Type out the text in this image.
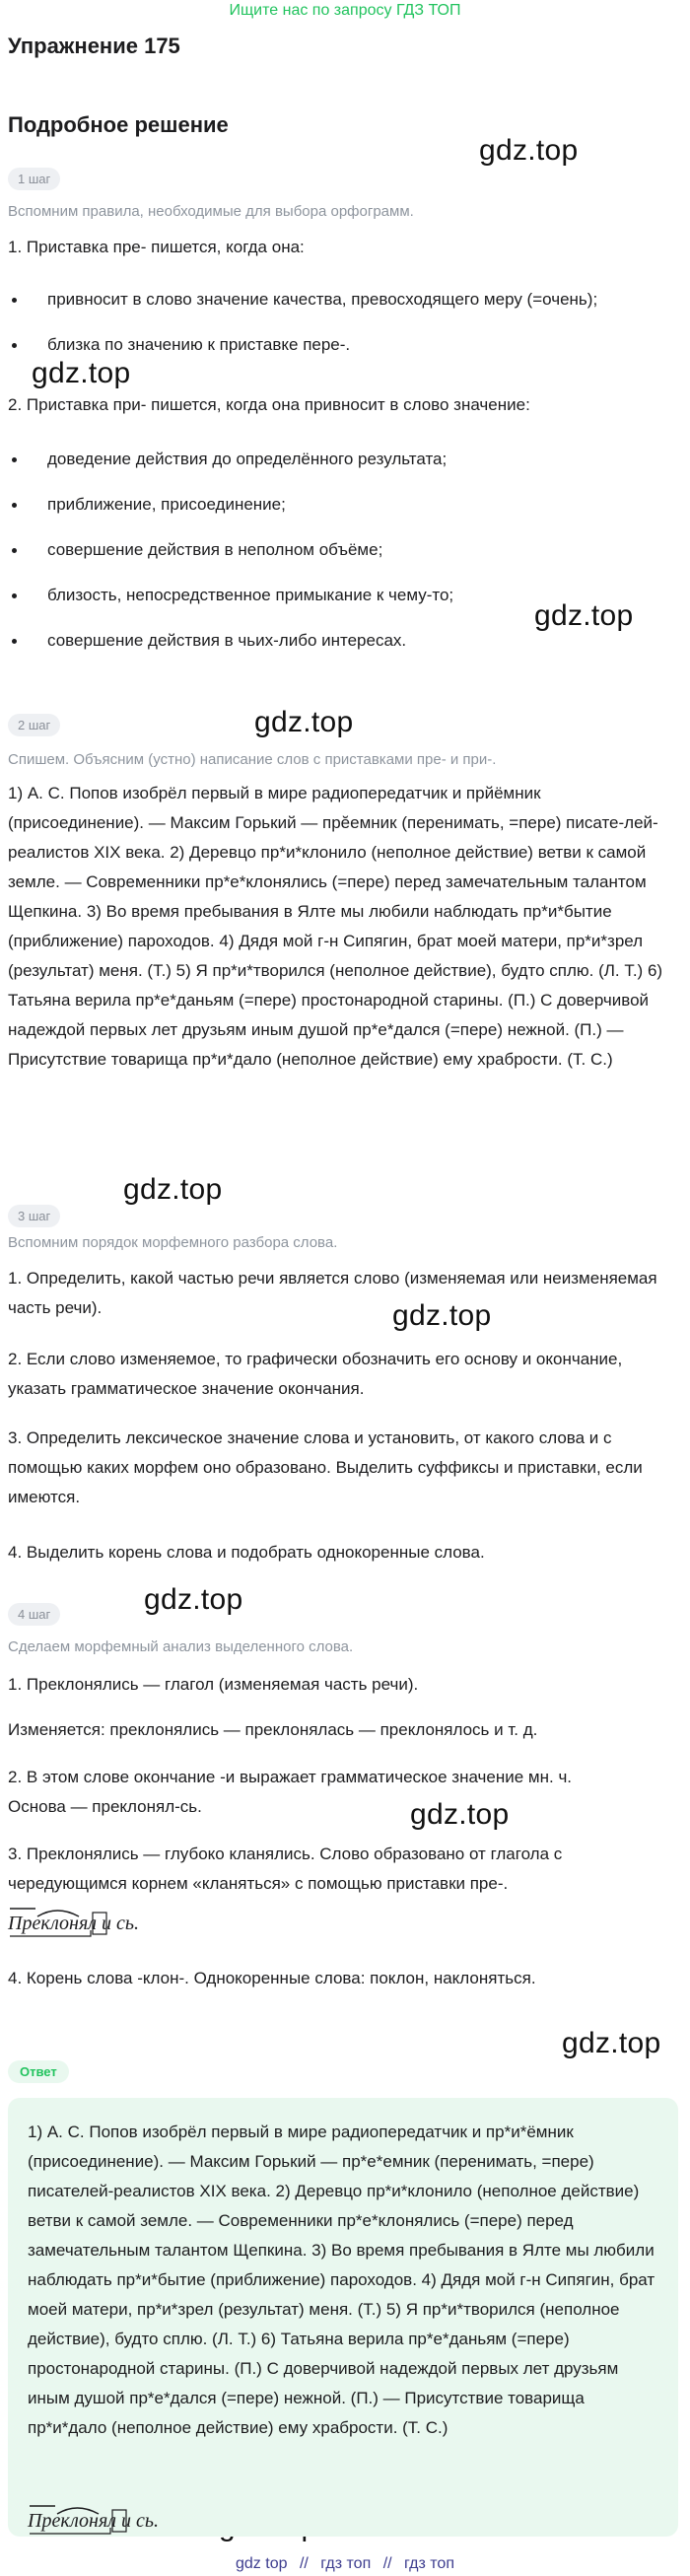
Ищите нас по запросу ГДЗ ТОП
Упражнение 175
Подробное решение
gdz.top
gdz.top
gdz.top
gdz.top
gdz.top
gdz.top
gdz.top
gdz.top
gdz.top
1 шаг
Вспомним правила, необходимые для выбора орфограмм.
1. Приставка пре- пишется, когда она:
привносит в слово значение качества, превосходящего меру (=очень);
близка по значению к приставке пере-.
2. Приставка при- пишется, когда она привносит в слово значение:
доведение действия до определённого результата;
приближение, присоединение;
совершение действия в неполном объёме;
близость, непосредственное примыкание к чему-то;
совершение действия в чьих-либо интересах.
2 шаг
Спишем. Объясним (устно) написание слов с приставками пре- и при-.
1) А. С. Попов изобрёл первый в мире радиопередатчик и прйёмник (присоединение). — Максим Горький — прӗемник (перенимать, =пере) писате-лей-реалистов XIX века. 2) Деревцо пр*и*клонило (неполное действие) ветви к самой земле. — Современники пр*е*клонялись (=пере) перед замечательным талантом Щепкина. 3) Во время пребывания в Ялте мы любили наблюдать пр*и*бытие (приближение) пароходов. 4) Дядя мой г-н Сипягин, брат моей матери, пр*и*зрел (результат) меня. (Т.) 5) Я пр*и*творился (неполное действие), будто сплю. (Л. Т.) 6) Татьяна верила пр*е*даньям (=пере) простонародной старины. (П.) С доверчивой надеждой первых лет друзьям иным душой пр*е*дался (=пере) нежной. (П.) — Присутствие товарища пр*и*дало (неполное действие) ему храбрости. (Т. С.)
3 шаг
Вспомним порядок морфемного разбора слова.
1. Определить, какой частью речи является слово (изменяемая или неизменяемая часть речи).
2. Если слово изменяемое, то графически обозначить его основу и окончание, указать грамматическое значение окончания.
3. Определить лексическое значение слова и установить, от какого слова и с помощью каких морфем оно образовано. Выделить суффиксы и приставки, если имеются.
4. Выделить корень слова и подобрать однокоренные слова.
4 шаг
Сделаем морфемный анализ выделенного слова.
1. Преклонялись — глагол (изменяемая часть речи).
Изменяется: преклонялись — преклонялась — преклонялось и т. д.
2. В этом слове окончание -и выражает грамматическое значение мн. ч.
Основа — преклонял-сь.
3. Преклонялись — глубоко кланялись. Слово образовано от глагола с чередующимся корнем «кланяться» с помощью приставки пре-.
Преклонял и сь.
4. Корень слова -клон-. Однокоренные слова: поклон, наклоняться.
Ответ
1) А. С. Попов изобрёл первый в мире радиопередатчик и пр*и*ёмник (присоединение). — Максим Горький — пр*е*емник (перенимать, =пере) писателей-реалистов XIX века. 2) Деревцо пр*и*клонило (неполное действие) ветви к самой земле. — Современники пр*е*клонялись (=пере) перед замечательным талантом Щепкина. 3) Во время пребывания в Ялте мы любили наблюдать пр*и*бытие (приближение) пароходов. 4) Дядя мой г-н Сипягин, брат моей матери, пр*и*зрел (результат) меня. (Т.) 5) Я пр*и*творился (неполное действие), будто сплю. (Л. Т.) 6) Татьяна верила пр*е*даньям (=пере) простонародной старины. (П.) С доверчивой надеждой первых лет друзьям иным душой пр*е*дался (=пере) нежной. (П.) — Присутствие товарища пр*и*дало (неполное действие) ему храбрости. (Т. С.)
Преклонял и сь.
gdz top // гдз топ // гдз топ
